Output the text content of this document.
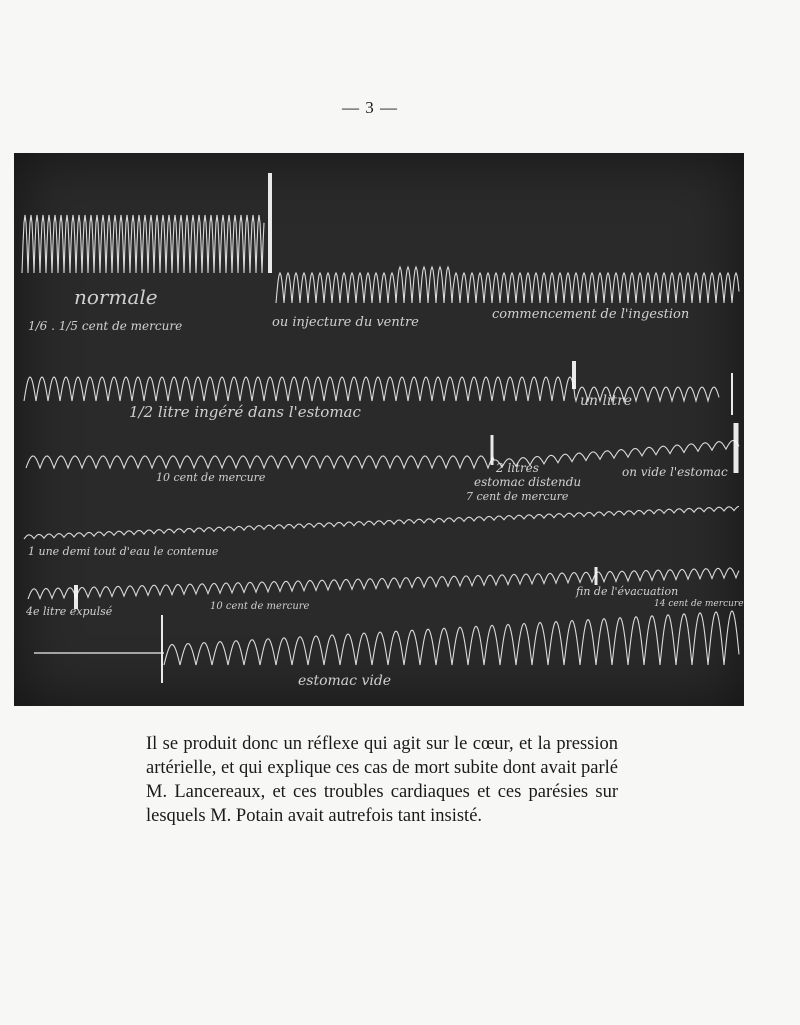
— 3 —
normale
1/6 . 1/5 cent de mercure	ou injecture du ventre
commencement de l'ingestion
1/2 litre ingéré dans l'estomac
un litre
10 cent de mercure
2 litres
estomac distendu
7 cent de mercure
on vide l'estomac
1 une demi tout d'eau le contenue
4e litre expulsé	10 cent de mercure
fin de l'évacuation
14 cent de mercure
estomac vide

Il se produit donc un réflexe qui agit sur le cœur, et la pression artérielle, et qui explique ces cas de mort subite dont avait parlé M. Lancereaux, et ces troubles cardiaques et ces parésies sur lesquels M. Potain avait autrefois tant insisté.
